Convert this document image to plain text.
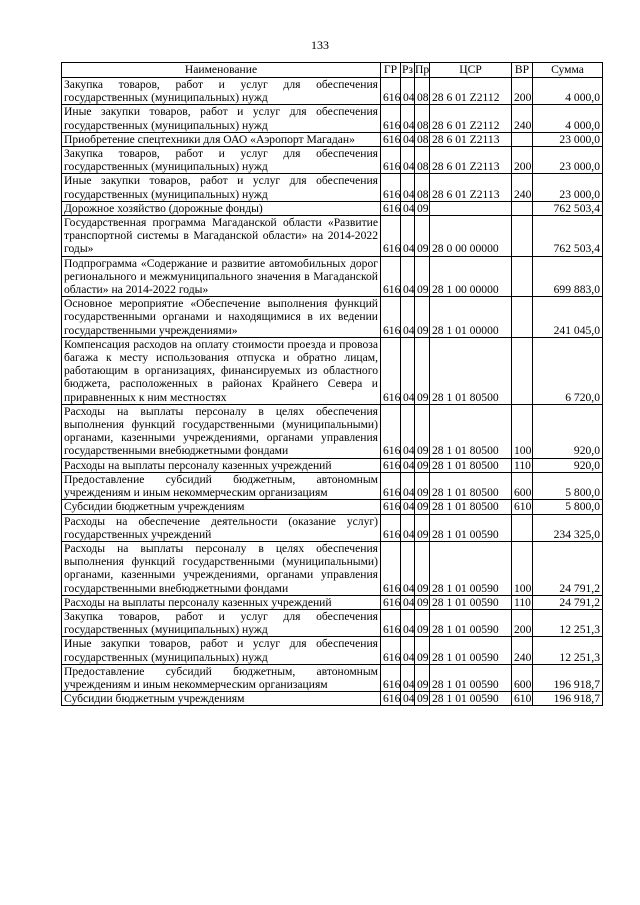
133
Наименование	ГР	Рз	Пр	ЦСР	ВР	Сумма
Закупка товаров, работ и услуг для обеспечения государственных (муниципальных) нужд	616	04	08	28 6 01 Z2112	200	4 000,0
Иные закупки товаров, работ и услуг для обеспечения государственных (муниципальных) нужд	616	04	08	28 6 01 Z2112	240	4 000,0
Приобретение спецтехники для ОАО «Аэропорт Магадан»	616	04	08	28 6 01 Z2113		23 000,0
Закупка товаров, работ и услуг для обеспечения государственных (муниципальных) нужд	616	04	08	28 6 01 Z2113	200	23 000,0
Иные закупки товаров, работ и услуг для обеспечения государственных (муниципальных) нужд	616	04	08	28 6 01 Z2113	240	23 000,0
Дорожное хозяйство (дорожные фонды)	616	04	09			762 503,4
Государственная программа Магаданской области «Развитие транспортной системы в Магаданской области» на 2014-2022 годы»	616	04	09	28 0 00 00000		762 503,4
Подпрограмма «Содержание и развитие автомобильных дорог регионального и межмуниципального значения в Магаданской области» на 2014-2022 годы»	616	04	09	28 1 00 00000		699 883,0
Основное мероприятие «Обеспечение выполнения функций государственными органами и находящимися в их ведении государственными учреждениями»	616	04	09	28 1 01 00000		241 045,0
Компенсация расходов на оплату стоимости проезда и провоза багажа к месту использования отпуска и обратно лицам, работающим в организациях, финансируемых из областного бюджета, расположенных в районах Крайнего Севера и приравненных к ним местностях	616	04	09	28 1 01 80500		6 720,0
Расходы на выплаты персоналу в целях обеспечения выполнения функций государственными (муниципальными) органами, казенными учреждениями, органами управления государственными внебюджетными фондами	616	04	09	28 1 01 80500	100	920,0
Расходы на выплаты персоналу казенных учреждений	616	04	09	28 1 01 80500	110	920,0
Предоставление субсидий бюджетным, автономным учреждениям и иным некоммерческим организациям	616	04	09	28 1 01 80500	600	5 800,0
Субсидии бюджетным учреждениям	616	04	09	28 1 01 80500	610	5 800,0
Расходы на обеспечение деятельности (оказание услуг) государственных учреждений	616	04	09	28 1 01 00590		234 325,0
Расходы на выплаты персоналу в целях обеспечения выполнения функций государственными (муниципальными) органами, казенными учреждениями, органами управления государственными внебюджетными фондами	616	04	09	28 1 01 00590	100	24 791,2
Расходы на выплаты персоналу казенных учреждений	616	04	09	28 1 01 00590	110	24 791,2
Закупка товаров, работ и услуг для обеспечения государственных (муниципальных) нужд	616	04	09	28 1 01 00590	200	12 251,3
Иные закупки товаров, работ и услуг для обеспечения государственных (муниципальных) нужд	616	04	09	28 1 01 00590	240	12 251,3
Предоставление субсидий бюджетным, автономным учреждениям и иным некоммерческим организациям	616	04	09	28 1 01 00590	600	196 918,7
Субсидии бюджетным учреждениям	616	04	09	28 1 01 00590	610	196 918,7
